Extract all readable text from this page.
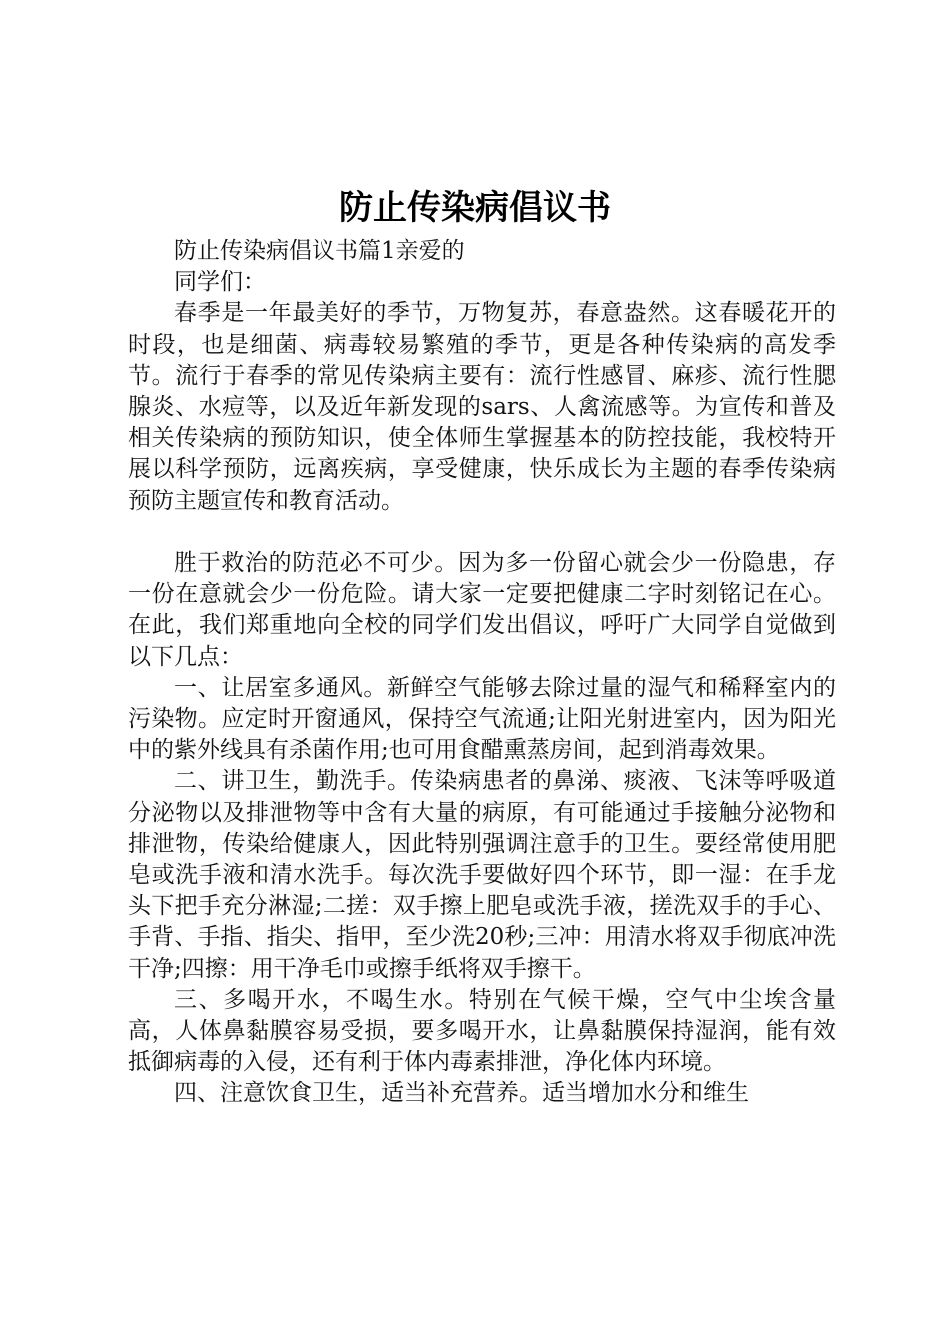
防止传染病倡议书

防止传染病倡议书篇1亲爱的

同学们：

春季是一年最美好的季节，万物复苏，春意盎然。这春暖花开的时段，也是细菌、病毒较易繁殖的季节，更是各种传染病的高发季节。流行于春季的常见传染病主要有：流行性感冒、麻疹、流行性腮腺炎、水痘等，以及近年新发现的sars、人禽流感等。为宣传和普及相关传染病的预防知识，使全体师生掌握基本的防控技能，我校特开展以科学预防，远离疾病，享受健康，快乐成长为主题的春季传染病预防主题宣传和教育活动。

胜于救治的防范必不可少。因为多一份留心就会少一份隐患，存一份在意就会少一份危险。请大家一定要把健康二字时刻铭记在心。在此，我们郑重地向全校的同学们发出倡议，呼吁广大同学自觉做到以下几点：

一、让居室多通风。新鲜空气能够去除过量的湿气和稀释室内的污染物。应定时开窗通风，保持空气流通;让阳光射进室内，因为阳光中的紫外线具有杀菌作用;也可用食醋熏蒸房间，起到消毒效果。

二、讲卫生，勤洗手。传染病患者的鼻涕、痰液、飞沫等呼吸道分泌物以及排泄物等中含有大量的病原，有可能通过手接触分泌物和排泄物，传染给健康人，因此特别强调注意手的卫生。要经常使用肥皂或洗手液和清水洗手。每次洗手要做好四个环节，即一湿：在手龙头下把手充分淋湿;二搓：双手擦上肥皂或洗手液，搓洗双手的手心、手背、手指、指尖、指甲，至少洗20秒;三冲：用清水将双手彻底冲洗干净;四擦：用干净毛巾或擦手纸将双手擦干。

三、多喝开水，不喝生水。特别在气候干燥，空气中尘埃含量高，人体鼻黏膜容易受损，要多喝开水，让鼻黏膜保持湿润，能有效抵御病毒的入侵，还有利于体内毒素排泄，净化体内环境。

四、注意饮食卫生，适当补充营养。适当增加水分和维生
